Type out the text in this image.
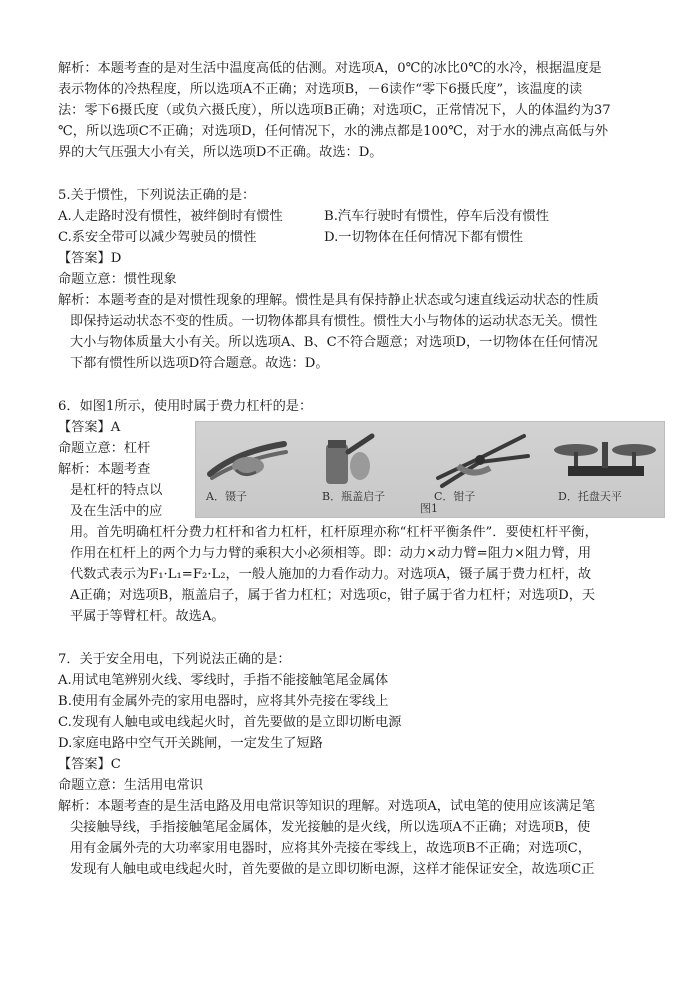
解析：本题考查的是对生活中温度高低的估测。对选项A，0℃的冰比0℃的水冷，根据温度是

表示物体的冷热程度，所以选项A不正确；对选项B，－6读作“零下6摄氏度”，该温度的读

法：零下6摄氏度（或负六摄氏度），所以选项B正确；对选项C，正常情况下，人的体温约为37

℃，所以选项C不正确；对选项D，任何情况下，水的沸点都是100℃，对于水的沸点高低与外

界的大气压强大小有关，所以选项D不正确。故选：D。

5.关于惯性，下列说法正确的是：

A.人走路时没有惯性，被绊倒时有惯性	B.汽车行驶时有惯性，停车后没有惯性

C.系安全带可以减少驾驶员的惯性	D.一切物体在任何情况下都有惯性

【答案】D

命题立意：惯性现象

解析：本题考查的是对惯性现象的理解。惯性是具有保持静止状态或匀速直线运动状态的性质

即保持运动状态不变的性质。一切物体都具有惯性。惯性大小与物体的运动状态无关。惯性

大小与物体质量大小有关。所以选项A、B、C不符合题意；对选项D，一切物体在任何情况

下都有惯性所以选项D符合题意。故选：D。

6．如图1所示，使用时属于费力杠杆的是：

【答案】A

命题立意：杠杆

解析：本题考查

是杠杆的特点以

及在生活中的应

A．镊子	B．瓶盖启子	C．钳子	D．托盘天平
图1

用。首先明确杠杆分费力杠杆和省力杠杆，杠杆原理亦称“杠杆平衡条件”．要使杠杆平衡，

作用在杠杆上的两个力与力臂的乘积大小必须相等。即：动力×动力臂=阻力×阻力臂，用

代数式表示为F₁·L₁=F₂·L₂，一般人施加的力看作动力。对选项A，镊子属于费力杠杆，故

A正确；对选项B，瓶盖启子，属于省力杠杠；对选项c，钳子属于省力杠杆；对选项D，天

平属于等臂杠杆。故选A。

7．关于安全用电，下列说法正确的是：

A.用试电笔辨别火线、零线时，手指不能接触笔尾金属体

B.使用有金属外壳的家用电器时，应将其外壳接在零线上

C.发现有人触电或电线起火时，首先要做的是立即切断电源

D.家庭电路中空气开关跳闸，一定发生了短路

【答案】C

命题立意：生活用电常识

解析：本题考查的是生活电路及用电常识等知识的理解。对选项A，试电笔的使用应该满足笔

尖接触导线，手指接触笔尾金属体，发光接触的是火线，所以选项A不正确；对选项B，使

用有金属外壳的大功率家用电器时，应将其外壳接在零线上，故选项B不正确；对选项C，

发现有人触电或电线起火时，首先要做的是立即切断电源，这样才能保证安全，故选项C正
